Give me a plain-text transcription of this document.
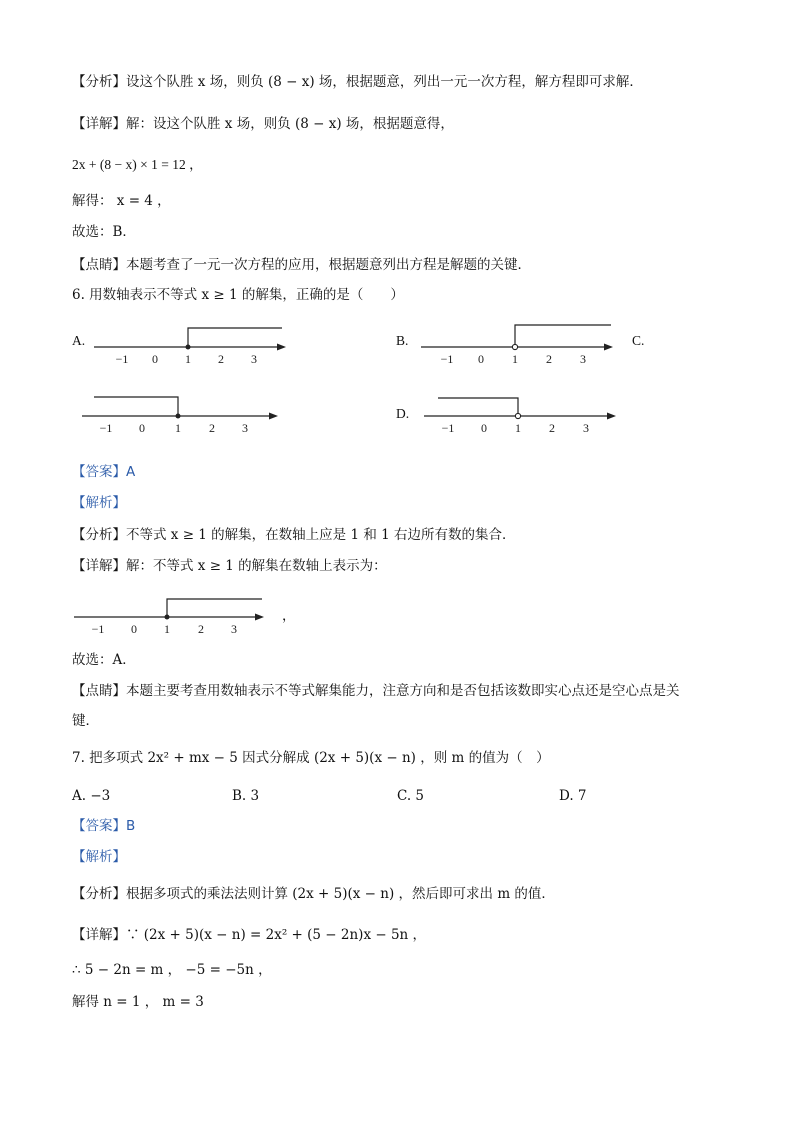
【分析】设这个队胜 x 场，则负 (8 − x) 场，根据题意，列出一元一次方程，解方程即可求解．
【详解】解：设这个队胜 x 场，则负 (8 − x) 场，根据题意得，
2x + (8 − x) × 1 = 12 ，
解得： x = 4 ，
故选：B．
【点睛】本题考查了一元一次方程的应用，根据题意列出方程是解题的关键．
6. 用数轴表示不等式 x ≥ 1 的解集，正确的是（　　）
A.	B.	C.
D.
−1 0 1 2 3	−1 0 1 2 3
−1 0	1 2 3	−1 0 1 2 3
【答案】A
【解析】
【分析】不等式 x ≥ 1 的解集，在数轴上应是 1 和 1 右边所有数的集合．
【详解】解：不等式 x ≥ 1 的解集在数轴上表示为：
−1 0 1 2 3
，
故选：A．
【点睛】本题主要考查用数轴表示不等式解集能力，注意方向和是否包括该数即实心点还是空心点是关
键．
7. 把多项式 2x² + mx − 5 因式分解成 (2x + 5)(x − n) ，则 m 的值为（　）
A. −3	B. 3	C. 5	D. 7
【答案】B
【解析】
【分析】根据多项式的乘法法则计算 (2x + 5)(x − n) ，然后即可求出 m 的值．
【详解】∵ (2x + 5)(x − n) = 2x² + (5 − 2n)x − 5n ，
∴ 5 − 2n = m ， −5 = −5n ，
解得 n = 1 ， m = 3
